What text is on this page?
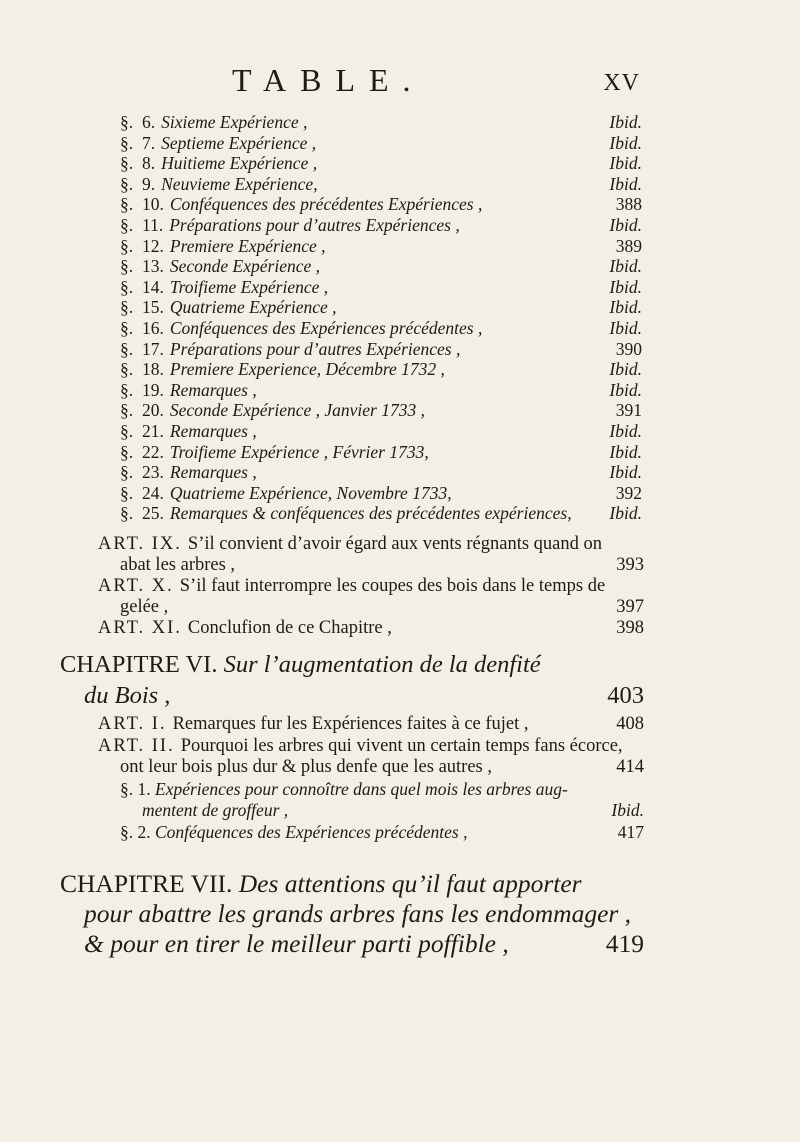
TABLE.	XV
§. 6. Sixieme Expérience ,	Ibid.
§. 7. Septieme Expérience ,	Ibid.
§. 8. Huitieme Expérience ,	Ibid.
§. 9. Neuvieme Expérience,	Ibid.
§. 10. Conféquences des précédentes Expériences ,	388
§. 11. Préparations pour d’autres Expériences ,	Ibid.
§. 12. Premiere Expérience ,	389
§. 13. Seconde Expérience ,	Ibid.
§. 14. Troifieme Expérience ,	Ibid.
§. 15. Quatrieme Expérience ,	Ibid.
§. 16. Conféquences des Expériences précédentes ,	Ibid.
§. 17. Préparations pour d’autres Expériences ,	390
§. 18. Premiere Experience, Décembre 1732 ,	Ibid.
§. 19. Remarques ,	Ibid.
§. 20. Seconde Expérience , Janvier 1733 ,	391
§. 21. Remarques ,	Ibid.
§. 22. Troifieme Expérience , Février 1733,	Ibid.
§. 23. Remarques ,	Ibid.
§. 24. Quatrieme Expérience, Novembre 1733,	392
§. 25. Remarques & conféquences des précédentes expériences, Ibid.
ART. IX. S’il convient d’avoir égard aux vents régnants quand on
abat les arbres ,	393
ART. X. S’il faut interrompre les coupes des bois dans le temps de
gelée ,	397
ART. XI. Conclufion de ce Chapitre ,	398
CHAPITRE VI. Sur l’augmentation de la denfité
du Bois ,	403
ART. I. Remarques fur les Expériences faites à ce fujet ,	408
ART. II. Pourquoi les arbres qui vivent un certain temps fans écorce,
ont leur bois plus dur & plus denfe que les autres ,	414
§. 1. Expériences pour connoître dans quel mois les arbres aug-
mentent de groffeur ,	Ibid.
§. 2. Conféquences des Expériences précédentes ,	417
CHAPITRE VII. Des attentions qu’il faut apporter
pour abattre les grands arbres fans les endommager ,
& pour en tirer le meilleur parti poffible ,	419
